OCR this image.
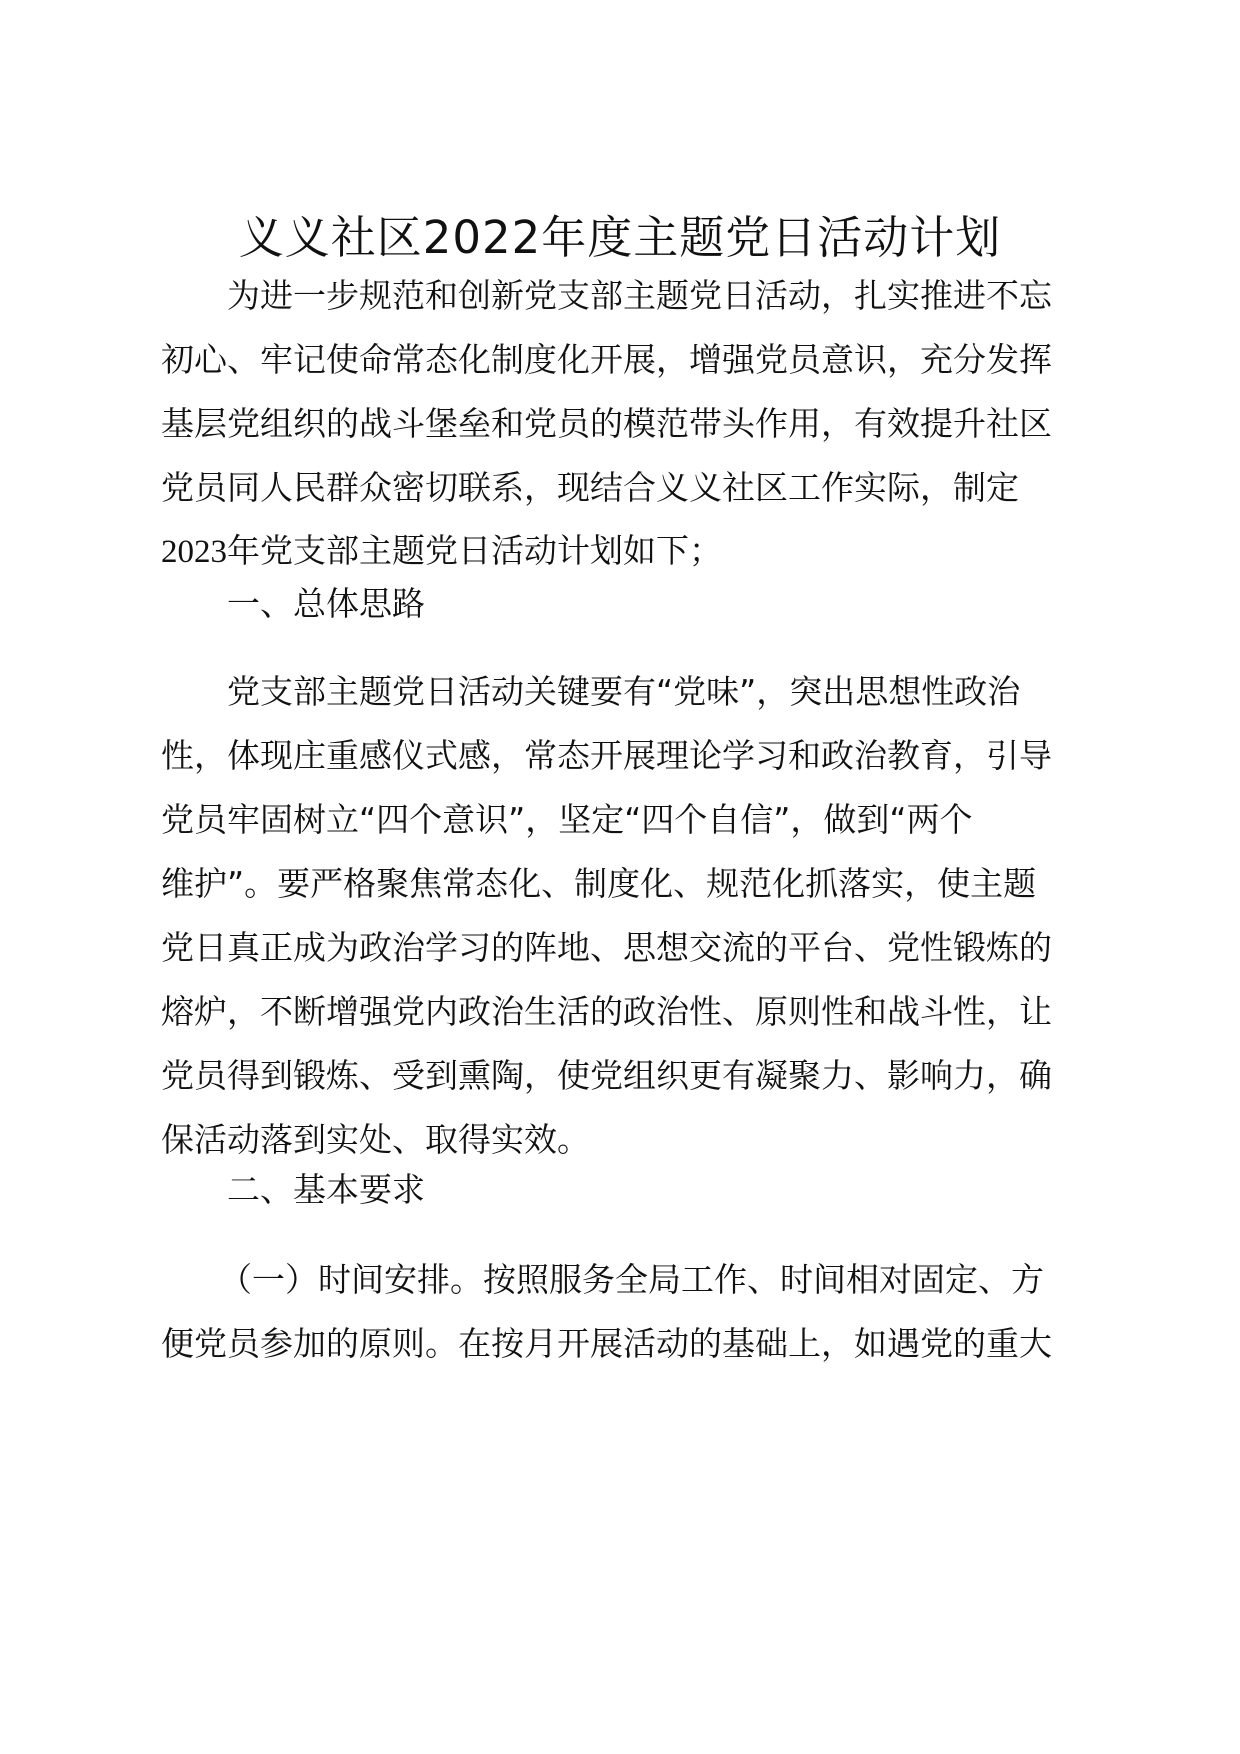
义义社区2022年度主题党日活动计划
为进一步规范和创新党支部主题党日活动，扎实推进不忘
初心、牢记使命常态化制度化开展，增强党员意识，充分发挥
基层党组织的战斗堡垒和党员的模范带头作用，有效提升社区
党员同人民群众密切联系，现结合义义社区工作实际，制定
2023年党支部主题党日活动计划如下；
一、总体思路
党支部主题党日活动关键要有“党味”，突出思想性政治
性，体现庄重感仪式感，常态开展理论学习和政治教育，引导
党员牢固树立“四个意识”，坚定“四个自信”，做到“两个
维护”。要严格聚焦常态化、制度化、规范化抓落实，使主题
党日真正成为政治学习的阵地、思想交流的平台、党性锻炼的
熔炉，不断增强党内政治生活的政治性、原则性和战斗性，让
党员得到锻炼、受到熏陶，使党组织更有凝聚力、影响力，确
保活动落到实处、取得实效。
二、基本要求
（一）时间安排。按照服务全局工作、时间相对固定、方
便党员参加的原则。在按月开展活动的基础上，如遇党的重大
